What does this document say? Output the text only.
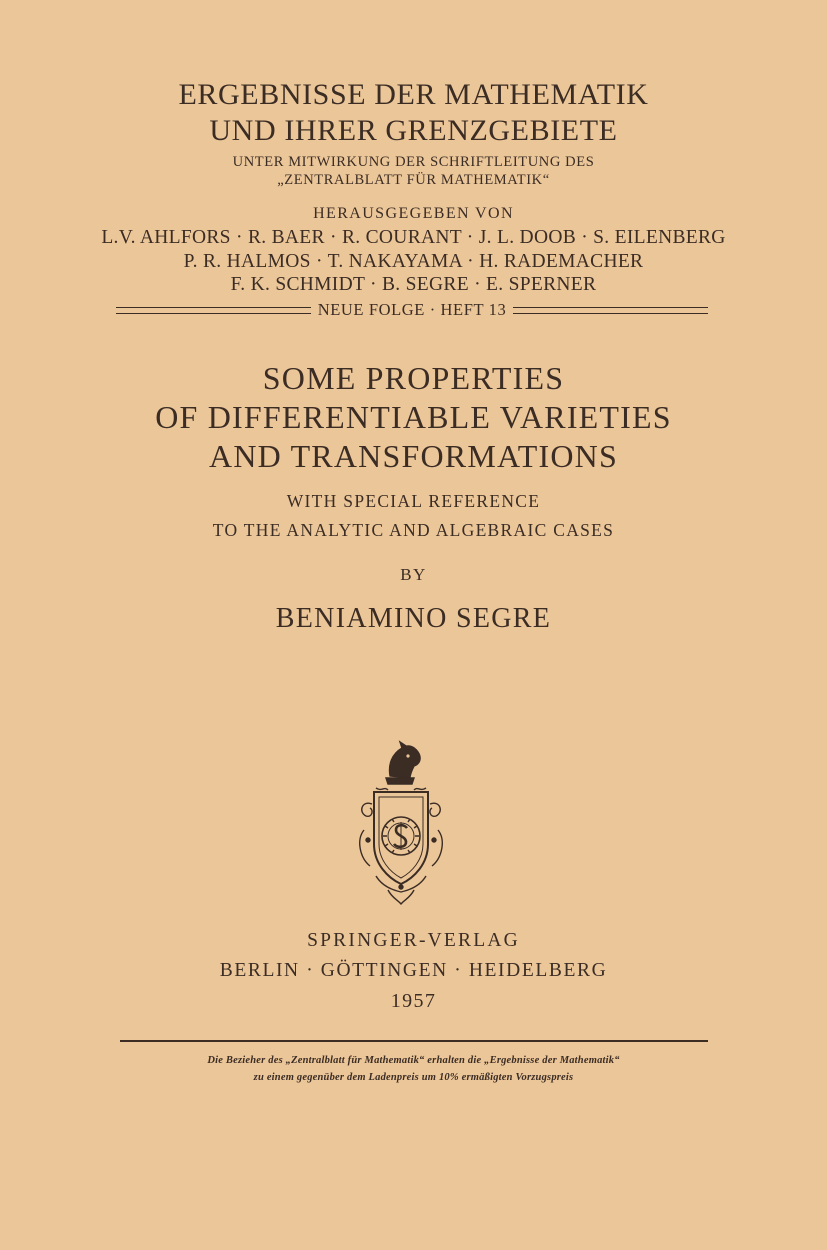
ERGEBNISSE DER MATHEMATIK

UND IHRER GRENZGEBIETE

UNTER MITWIRKUNG DER SCHRIFTLEITUNG DES

„ZENTRALBLATT FÜR MATHEMATIK“

HERAUSGEGEBEN VON

L.V. AHLFORS · R. BAER · R. COURANT · J. L. DOOB · S. EILENBERG

P. R. HALMOS · T. NAKAYAMA · H. RADEMACHER

F. K. SCHMIDT · B. SEGRE · E. SPERNER

NEUE FOLGE · HEFT 13

SOME PROPERTIES

OF DIFFERENTIABLE VARIETIES

AND TRANSFORMATIONS

WITH SPECIAL REFERENCE

TO THE ANALYTIC AND ALGEBRAIC CASES

BY

BENIAMINO SEGRE

SPRINGER-VERLAG

BERLIN · GÖTTINGEN · HEIDELBERG

1957

Die Bezieher des „Zentralblatt für Mathematik“ erhalten die „Ergebnisse der Mathematik“

zu einem gegenüber dem Ladenpreis um 10% ermäßigten Vorzugspreis
